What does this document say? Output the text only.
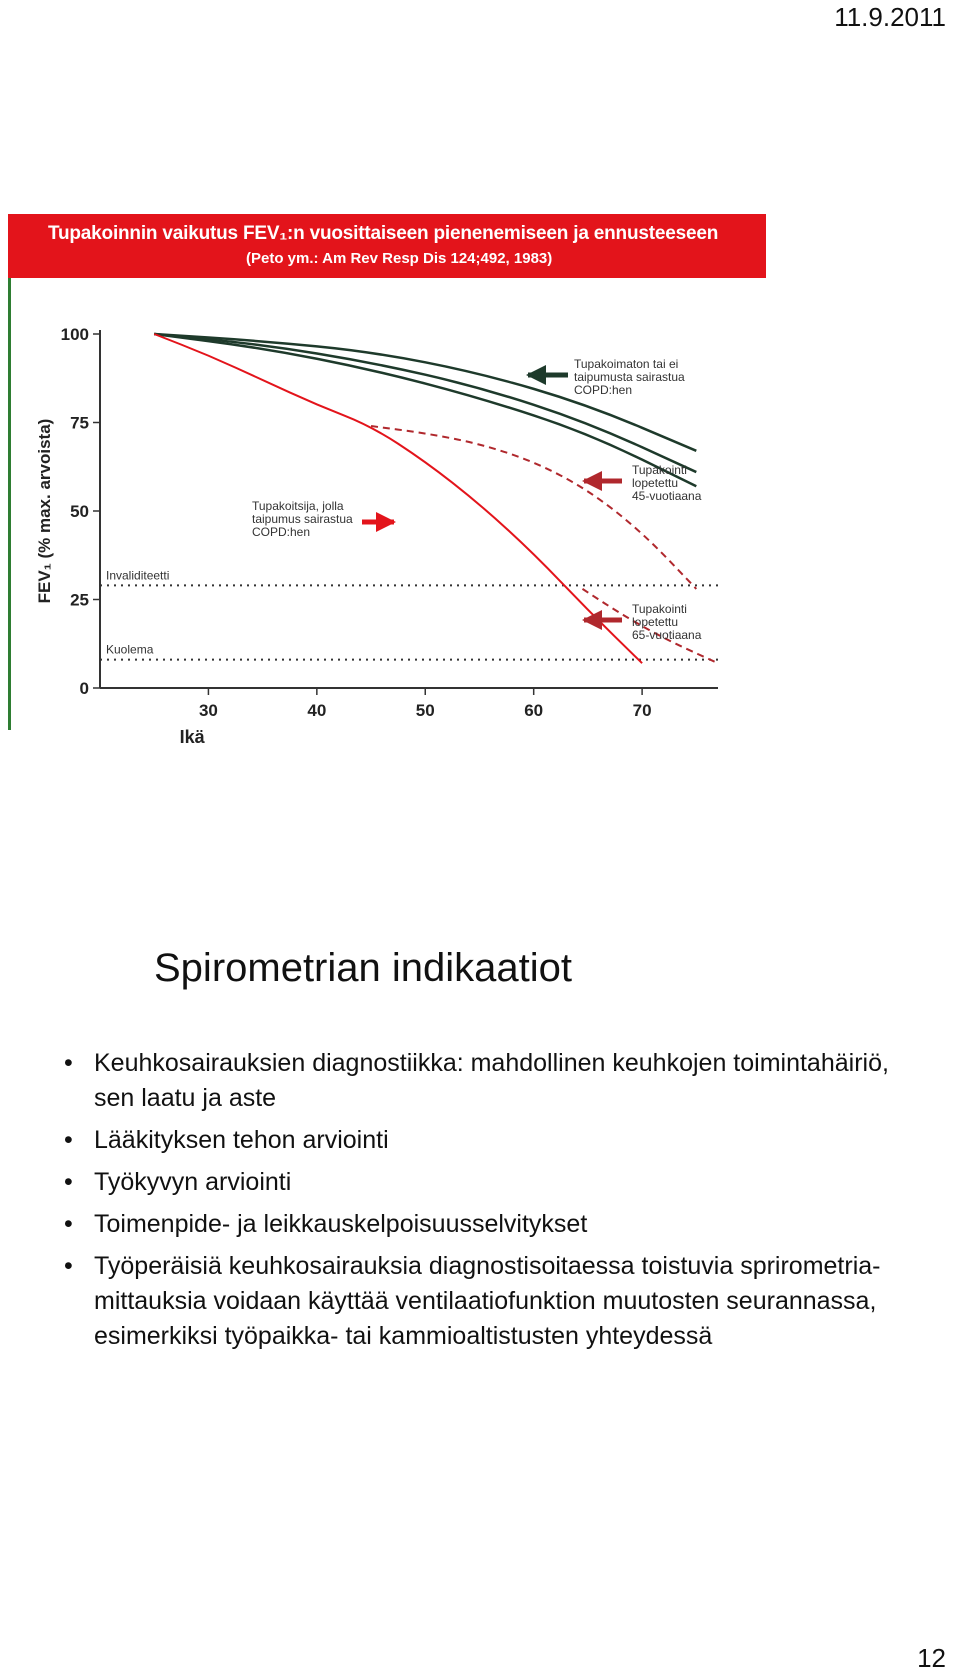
11.9.2011
Tupakoinnin vaikutus FEV₁:n vuosittaiseen pienenemiseen ja ennusteeseen
(Peto ym.: Am Rev Resp Dis 124;492, 1983)
0
25
50
75
100
30	40	50	60	70
Ikä
FEV₁ (% max. arvoista)	Invaliditeetti
Kuolema
Tupakoimaton tai ei
taipumusta sairastua
COPD:hen
Tupakointi
lopetettu
45-vuotiaana
Tupakoitsija, jolla
taipumus sairastua
COPD:hen
Tupakointi
lopetettu
65-vuotiaana
Spirometrian indikaatiot
• Keuhkosairauksien diagnostiikka: mahdollinen keuhkojen toimintahäiriö, sen laatu ja aste
• Lääkityksen tehon arviointi
• Työkyvyn arviointi
• Toimenpide- ja leikkauskelpoisuusselvitykset
• Työperäisiä keuhkosairauksia diagnostisoitaessa toistuvia sprirometria-mittauksia voidaan käyttää ventilaatiofunktion muutosten seurannassa, esimerkiksi työpaikka- tai kammioaltistusten yhteydessä
12
